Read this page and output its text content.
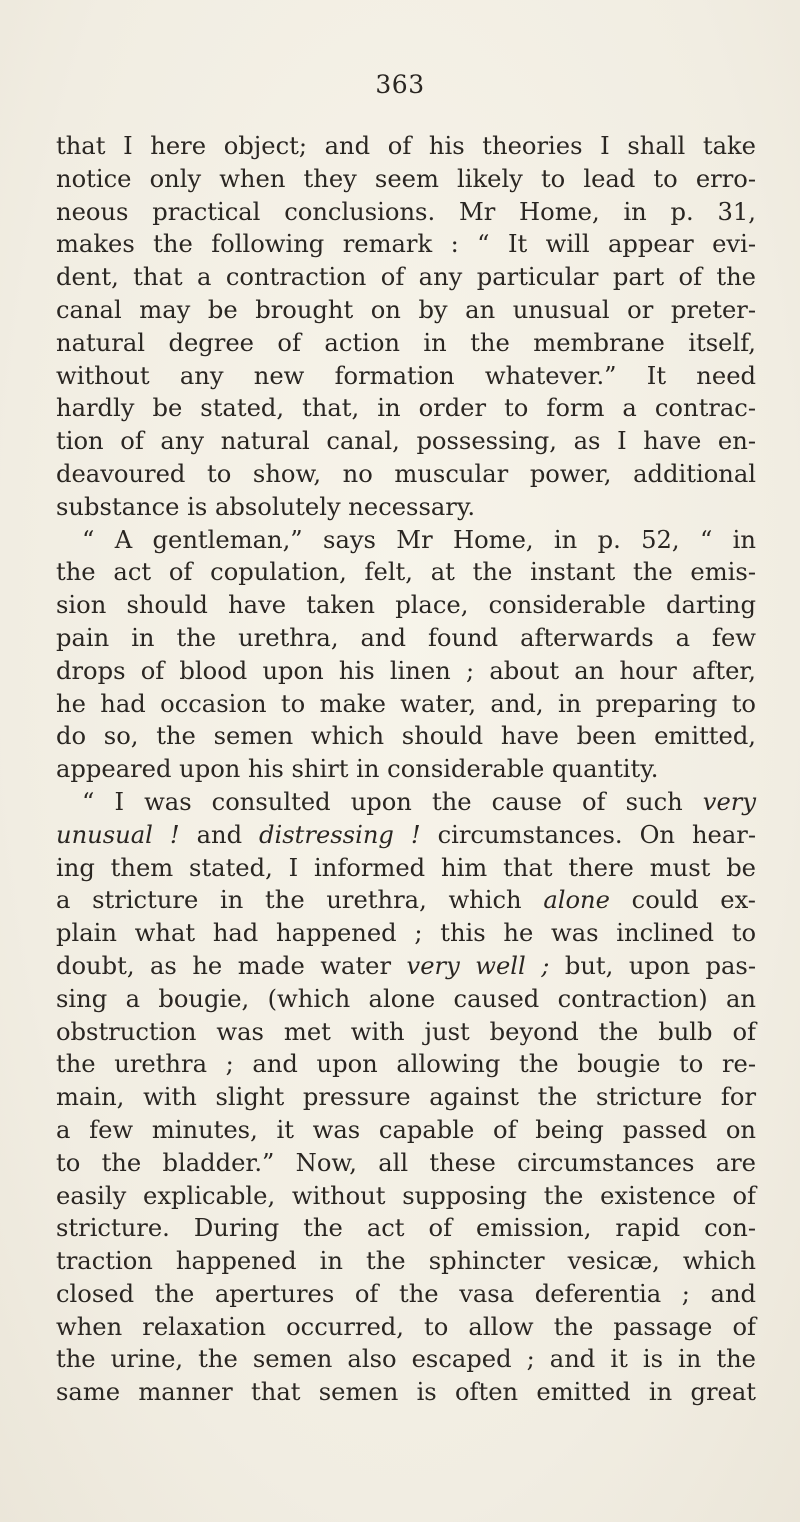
363
that I here object; and of his theories I shall take
notice only when they seem likely to lead to erro-
neous practical conclusions. Mr Home, in p. 31,
makes the following remark : “ It will appear evi-
dent, that a contraction of any particular part of the
canal may be brought on by an unusual or preter-
natural degree of action in the membrane itself,
without any new formation whatever.” It need
hardly be stated, that, in order to form a contrac-
tion of any natural canal, possessing, as I have en-
deavoured to show, no muscular power, additional
substance is absolutely necessary.
“ A gentleman,” says Mr Home, in p. 52, “ in
the act of copulation, felt, at the instant the emis-
sion should have taken place, considerable darting
pain in the urethra, and found afterwards a few
drops of blood upon his linen ; about an hour after,
he had occasion to make water, and, in preparing to
do so, the semen which should have been emitted,
appeared upon his shirt in considerable quantity.
“ I was consulted upon the cause of such very
unusual ! and distressing ! circumstances. On hear-
ing them stated, I informed him that there must be
a stricture in the urethra, which alone could ex-
plain what had happened ; this he was inclined to
doubt, as he made water very well ; but, upon pas-
sing a bougie, (which alone caused contraction) an
obstruction was met with just beyond the bulb of
the urethra ; and upon allowing the bougie to re-
main, with slight pressure against the stricture for
a few minutes, it was capable of being passed on
to the bladder.” Now, all these circumstances are
easily explicable, without supposing the existence of
stricture. During the act of emission, rapid con-
traction happened in the sphincter vesicæ, which
closed the apertures of the vasa deferentia ; and
when relaxation occurred, to allow the passage of
the urine, the semen also escaped ; and it is in the
same manner that semen is often emitted in great
